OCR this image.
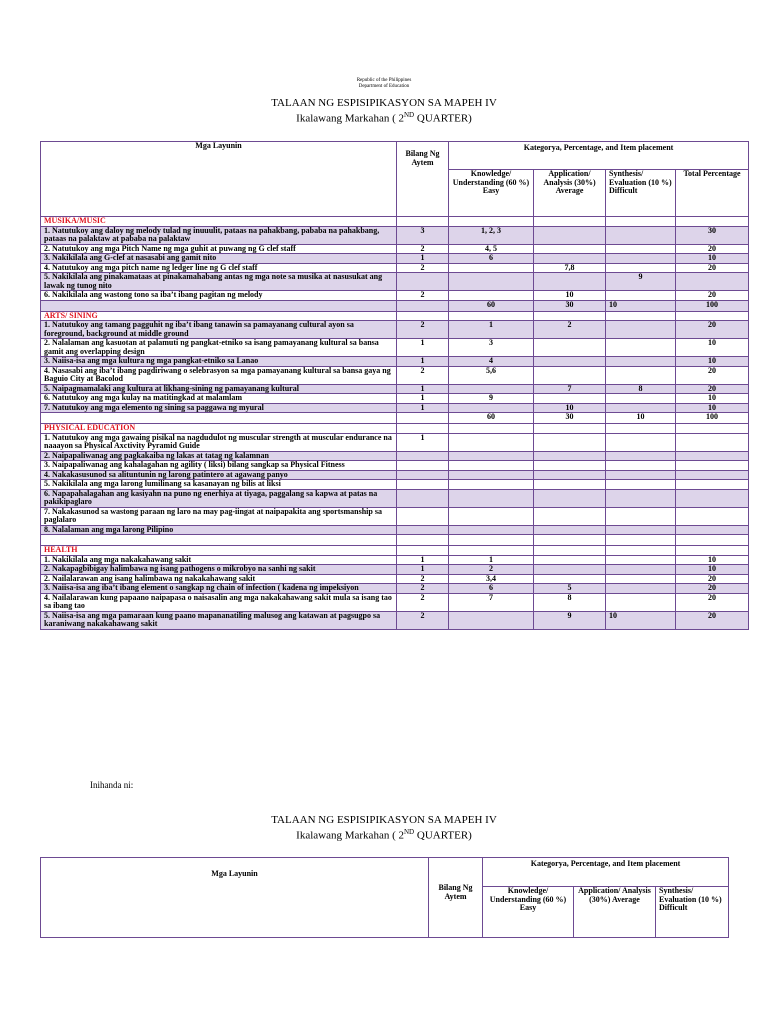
Republic of the Philippines
Department of Education
TALAAN NG ESPISIPIKASYON SA MAPEH IV
Ikalawang Markahan ( 2ND QUARTER)
Mga Layunin	Bilang Ng Aytem	Kategorya, Percentage, and Item placement			
		Knowledge/ Understanding (60 %) Easy	Application/ Analysis (30%) Average	Synthesis/ Evaluation (10 %) Difficult	Total Percentage
MUSIKA/MUSIC					
1. Natutukoy ang daloy ng melody tulad ng inuuulit, pataas na pahakbang, pababa na pahakbang, pataas na palaktaw at pababa na palaktaw	3	1, 2, 3			30
2. Natutukoy ang mga Pitch Name ng mga guhit at puwang ng G clef staff	2	4, 5			20
3. Nakikilala ang G-clef at nasasabi ang gamit nito	1	6			10
4. Natutukoy ang mga pitch name ng ledger line ng G clef staff	2		7,8		20
5. Nakikilala ang pinakamataas at pinakamahabang antas ng mga note sa musika at nasusukat ang lawak ng tunog nito				9	
6. Nakikilala ang wastong tono sa iba’t ibang pagitan ng melody	2		10		20
		60	30	10	100
ARTS/ SINING					
1. Natutukoy ang tamang pagguhit ng iba’t ibang tanawin sa pamayanang cultural ayon sa foreground, background at middle ground	2	1	2		20
2. Nalalaman ang kasuotan at palamuti ng pangkat-etniko sa isang pamayanang kultural sa bansa gamit ang overlapping design	1	3			10
3. Naiisa-isa ang mga kultura ng mga pangkat-etniko sa Lanao	1	4			10
4. Nasasabi ang iba’t ibang pagdiriwang o selebrasyon sa mga pamayanang kultural sa bansa gaya ng Baguio City at Bacolod	2	5,6			20
5. Naipagmamalaki ang kultura at likhang-sining ng pamayanang kultural	1		7	8	20
6. Natutukoy ang mga kulay na matitingkad at malamlam	1	9			10
7. Natutukoy ang mga elemento ng sining sa paggawa ng myural	1		10		10
		60	30	10	100
PHYSICAL EDUCATION					
1. Natutukoy ang mga gawaing pisikal na nagdudulot ng muscular strength at muscular endurance na naaayon sa Physical Axctivity Pyramid Guide	1				
2. Naipapaliwanag ang pagkakaiba ng lakas at tatag ng kalamnan					
3. Naipapaliwanag ang kahalagahan ng agility ( liksi) bilang sangkap sa Physical Fitness					
4. Nakakasusunod sa alituntunin ng larong patintero at agawang panyo					
5. Nakikilala ang mga larong lumilinang sa kasanayan ng bilis at liksi					
6. Napapahalagahan ang kasiyahn na puno ng enerhiya at tiyaga, paggalang sa kapwa at patas na pakikipaglaro					
7. Nakakasunod sa wastong paraan ng laro na may pag-iingat at naipapakita ang sportsmanship sa paglalaro					
8. Nalalaman ang mga larong Pilipino					

HEALTH					
1. Nakikilala ang mga nakakahawang sakit	1	1			10
2. Nakapagbibigay halimbawa ng isang pathogens o mikrobyo na sanhi ng sakit	1	2			10
2. Nailalarawan ang isang halimbawa ng nakakahawang sakit	2	3,4			20
3. Naiisa-isa ang iba’t ibang element o sangkap ng chain of infection ( kadena ng impeksiyon	2	6	5		20
4. Nailalarawan kung papaano naipapasa o naisasalin ang mga nakakahawang sakit mula sa isang tao sa ibang tao	2	7	8		20
5. Naiisa-isa ang mga pamaraan kung paano mapananatiling malusog ang katawan at pagsugpo sa karaniwang nakakahawang sakit	2		9	10	20
Inihanda ni:
TALAAN NG ESPISIPIKASYON SA MAPEH IV
Ikalawang Markahan ( 2ND QUARTER)
Mga Layunin	Bilang Ng Aytem	Kategorya, Percentage, and Item placement		
		Knowledge/ Understanding (60 %) Easy	Application/ Analysis (30%) Average	Synthesis/ Evaluation (10 %) Difficult
